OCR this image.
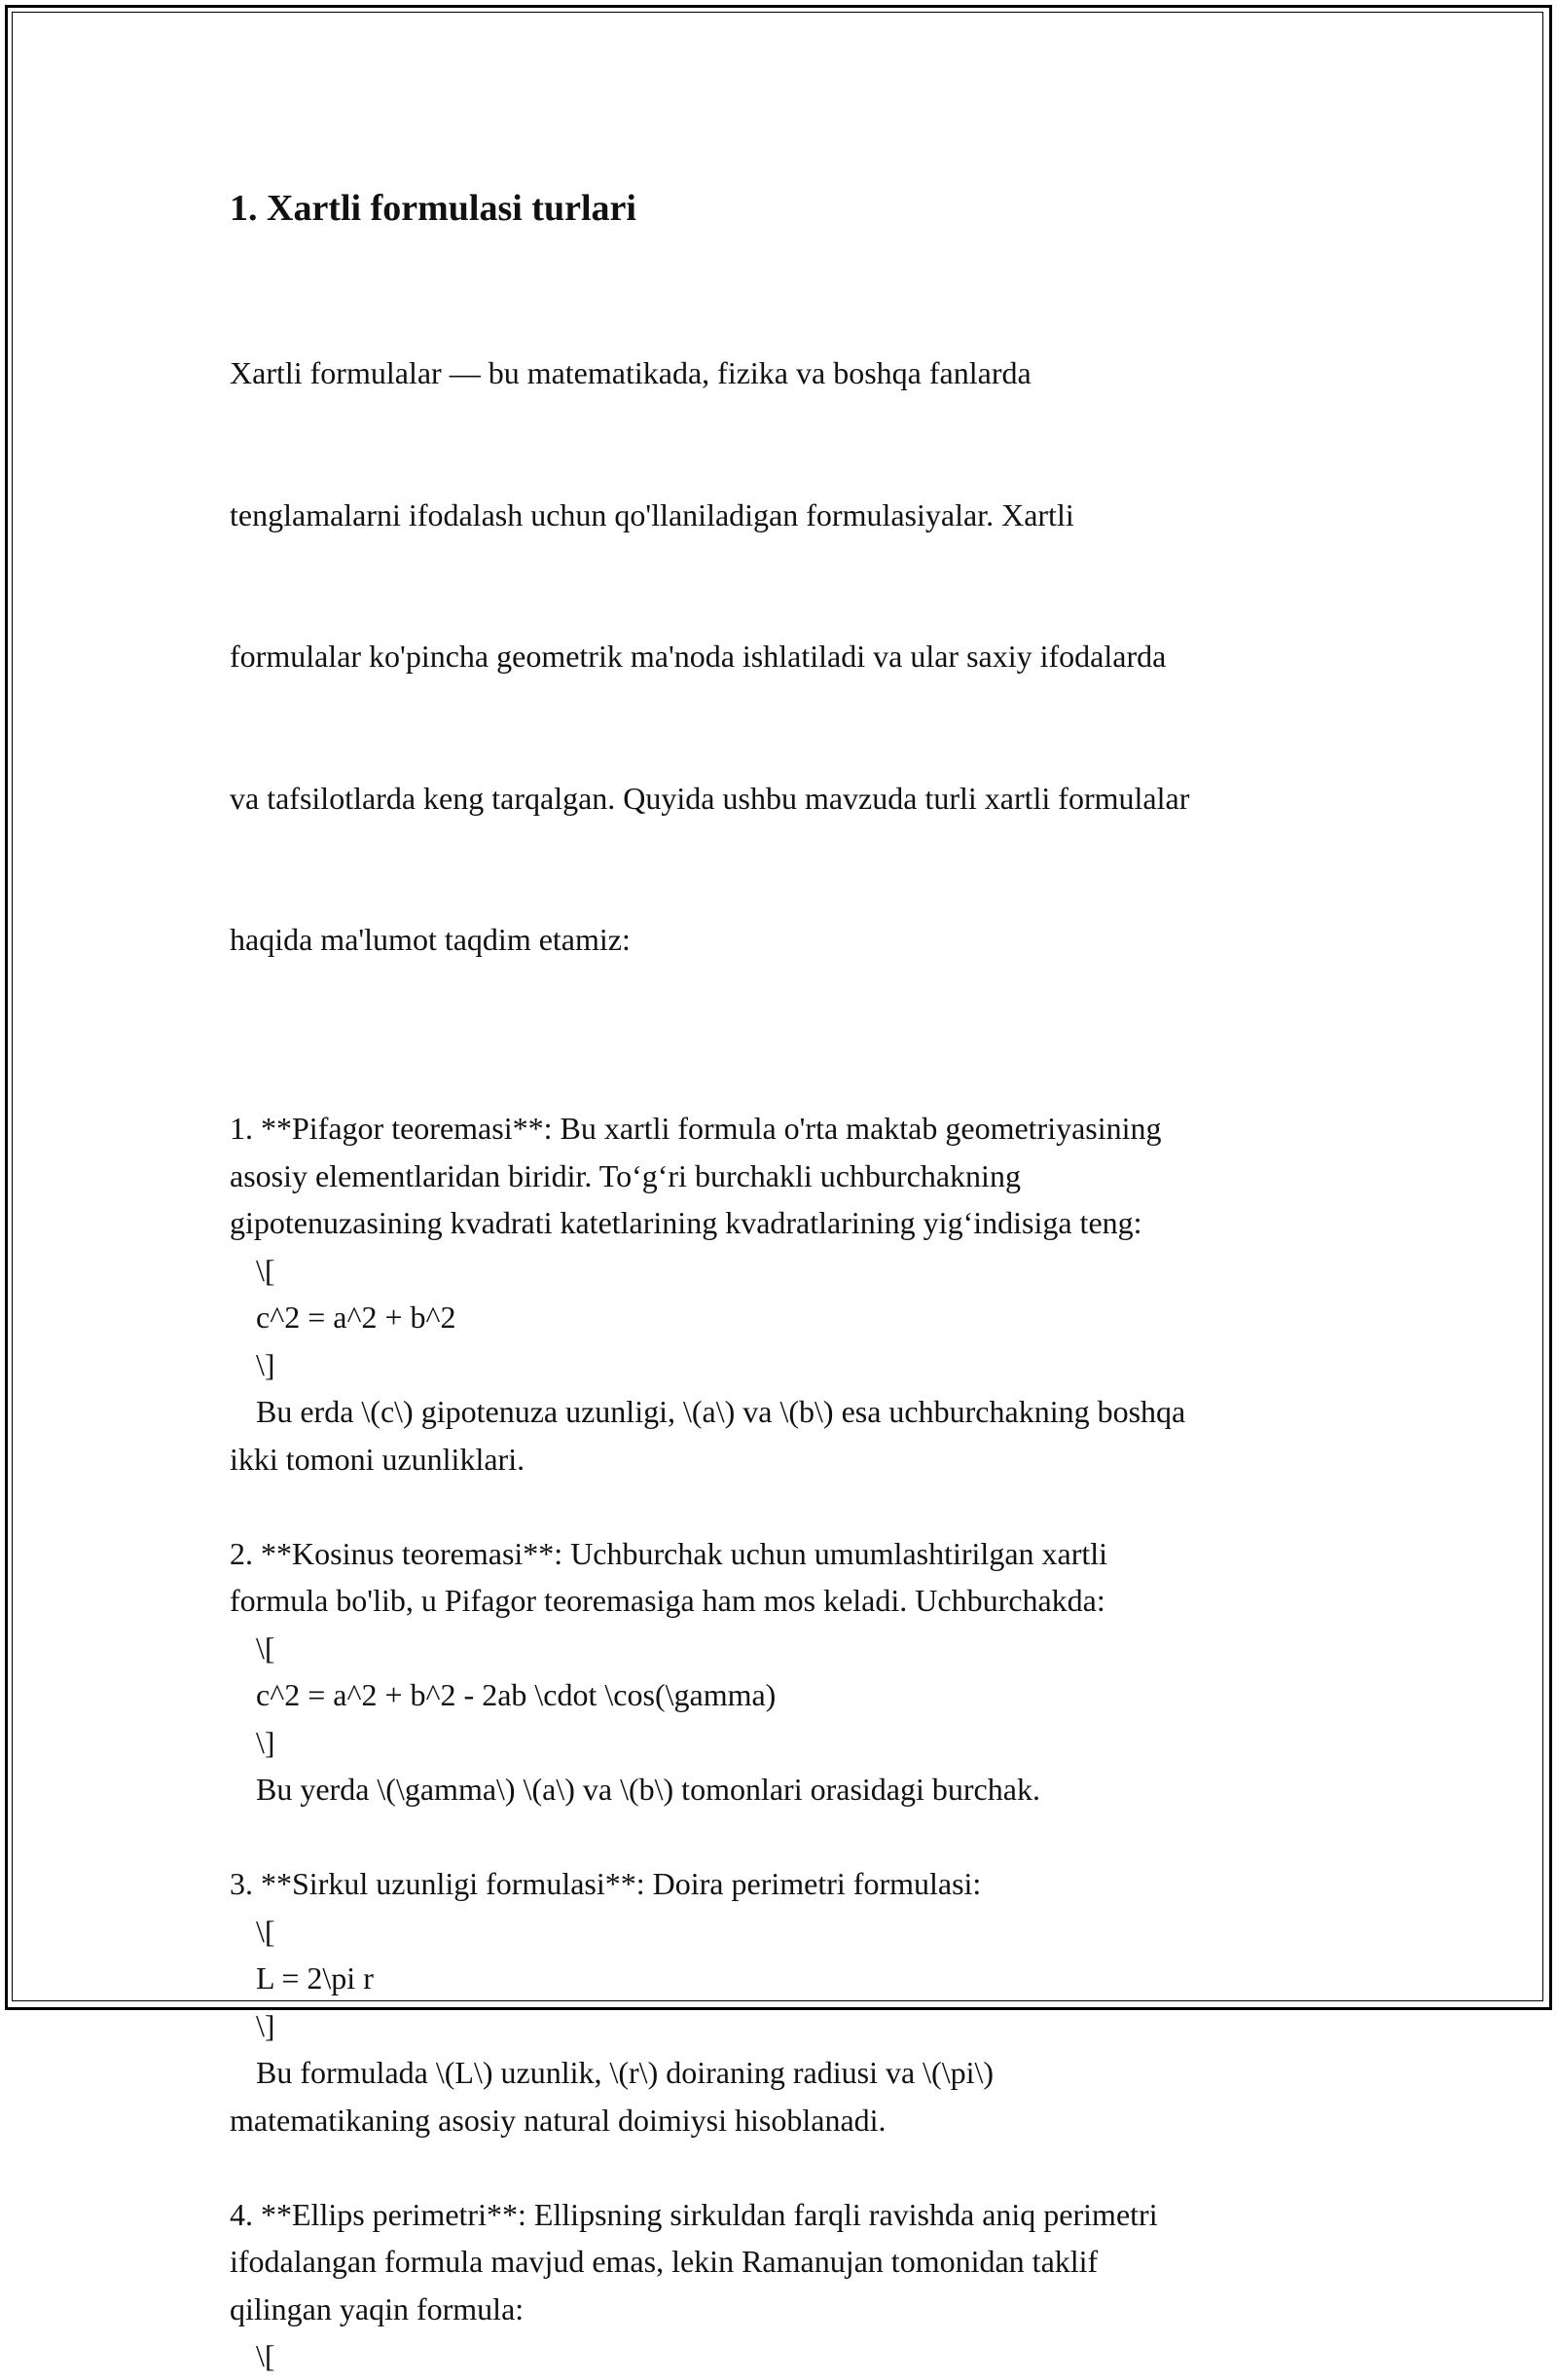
1. Xartli formulasi turlari

Xartli formulalar — bu matematikada, fizika va boshqa fanlarda

tenglamalarni ifodalash uchun qo'llaniladigan formulasiyalar. Xartli

formulalar ko'pincha geometrik ma'noda ishlatiladi va ular saxiy ifodalarda

va tafsilotlarda keng tarqalgan. Quyida ushbu mavzuda turli xartli formulalar

haqida ma'lumot taqdim etamiz:

1. **Pifagor teoremasi**: Bu xartli formula o'rta maktab geometriyasining
asosiy elementlaridan biridir. To‘g‘ri burchakli uchburchakning
gipotenuzasining kvadrati katetlarining kvadratlarining yig‘indisiga teng:
\[
c^2 = a^2 + b^2
\]
Bu erda \(c\) gipotenuza uzunligi, \(a\) va \(b\) esa uchburchakning boshqa
ikki tomoni uzunliklari.
2. **Kosinus teoremasi**: Uchburchak uchun umumlashtirilgan xartli
formula bo'lib, u Pifagor teoremasiga ham mos keladi. Uchburchakda:
\[
c^2 = a^2 + b^2 - 2ab \cdot \cos(\gamma)
\]
Bu yerda \(\gamma\) \(a\) va \(b\) tomonlari orasidagi burchak.
3. **Sirkul uzunligi formulasi**: Doira perimetri formulasi:
\[
L = 2\pi r
\]
Bu formulada \(L\) uzunlik, \(r\) doiraning radiusi va \(\pi\)
matematikaning asosiy natural doimiysi hisoblanadi.
4. **Ellips perimetri**: Ellipsning sirkuldan farqli ravishda aniq perimetri
ifodalangan formula mavjud emas, lekin Ramanujan tomonidan taklif
qilingan yaqin formula:
\[
